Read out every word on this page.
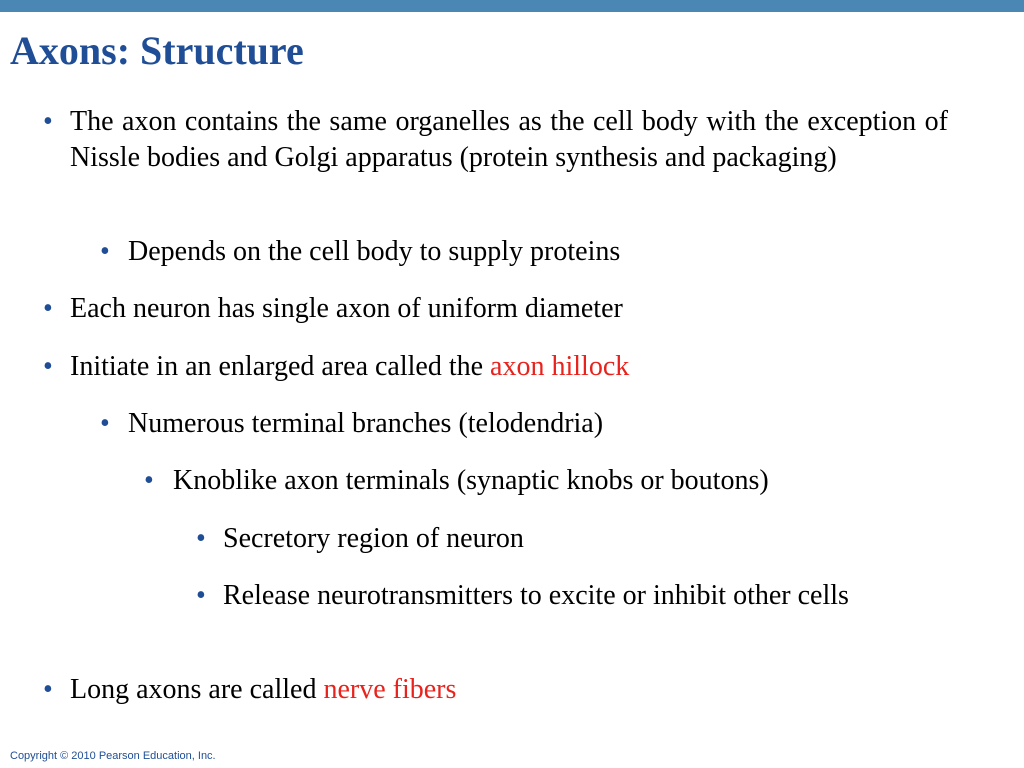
Axons: Structure
• The axon contains the same organelles as the cell body with the exception of Nissle bodies and Golgi apparatus (protein synthesis and packaging)
• Depends on the cell body to supply proteins
• Each neuron has single axon of uniform diameter
• Initiate in an enlarged area called the axon hillock
• Numerous terminal branches (telodendria)
• Knoblike axon terminals (synaptic knobs or boutons)
• Secretory region of neuron
• Release neurotransmitters to excite or inhibit other cells
• Long axons are called nerve fibers
Copyright © 2010 Pearson Education, Inc.
